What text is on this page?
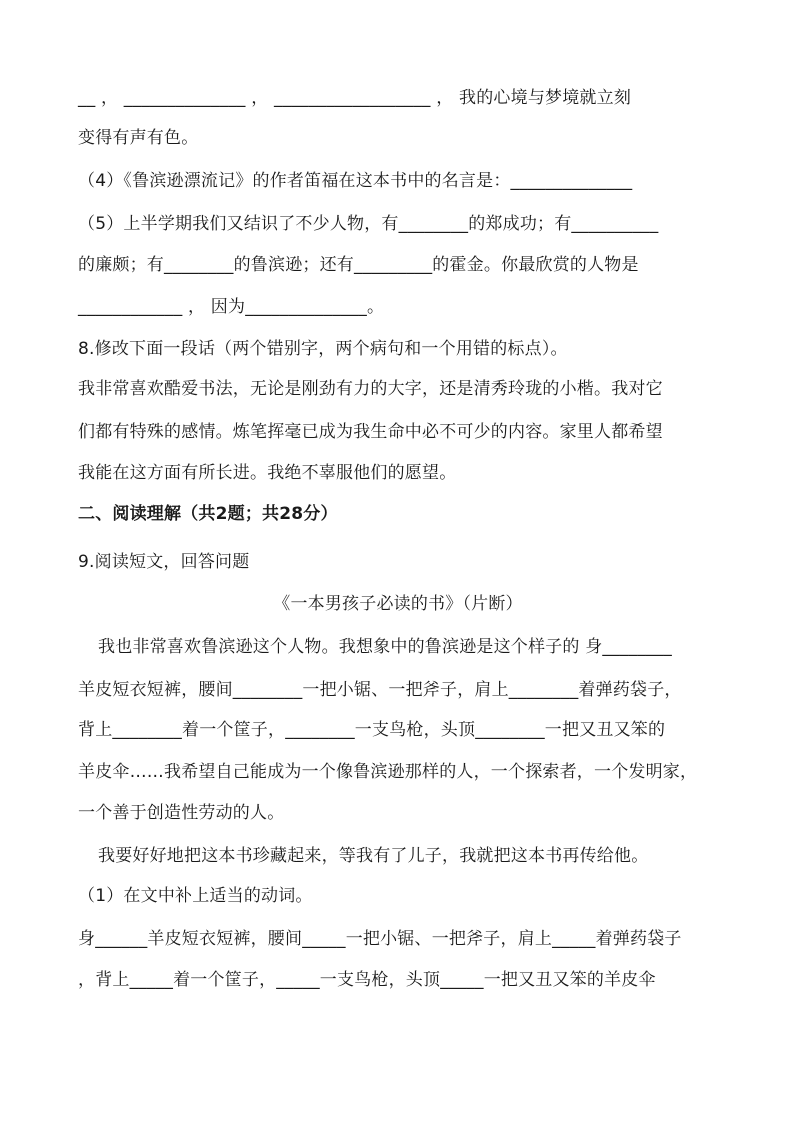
__ ， ______________ ， __________________ ， 我的心境与梦境就立刻
变得有声有色。
（4）《鲁滨逊漂流记》的作者笛福在这本书中的名言是：______________
（5）上半学期我们又结识了不少人物，有________的郑成功；有__________
的廉颇；有________的鲁滨逊；还有_________的霍金。你最欣赏的人物是
____________ ， 因为______________。
8.修改下面一段话（两个错别字，两个病句和一个用错的标点）。
我非常喜欢酷爱书法，无论是刚劲有力的大字，还是清秀玲珑的小楷。我对它
们都有特殊的感情。炼笔挥毫已成为我生命中必不可少的内容。家里人都希望
我能在这方面有所长进。我绝不辜服他们的愿望。
二、阅读理解（共2题；共28分）
9.阅读短文，回答问题
《一本男孩子必读的书》（片断）
我也非常喜欢鲁滨逊这个人物。我想象中的鲁滨逊是这个样子的 身________
羊皮短衣短裤，腰间________一把小锯、一把斧子，肩上________着弹药袋子，
背上________着一个筐子，________一支鸟枪，头顶________一把又丑又笨的
羊皮伞……我希望自己能成为一个像鲁滨逊那样的人，一个探索者，一个发明家，
一个善于创造性劳动的人。
我要好好地把这本书珍藏起来，等我有了儿子，我就把这本书再传给他。
（1）在文中补上适当的动词。
身______羊皮短衣短裤，腰间_____一把小锯、一把斧子，肩上_____着弹药袋子
，背上_____着一个筐子，_____一支鸟枪，头顶_____一把又丑又笨的羊皮伞
